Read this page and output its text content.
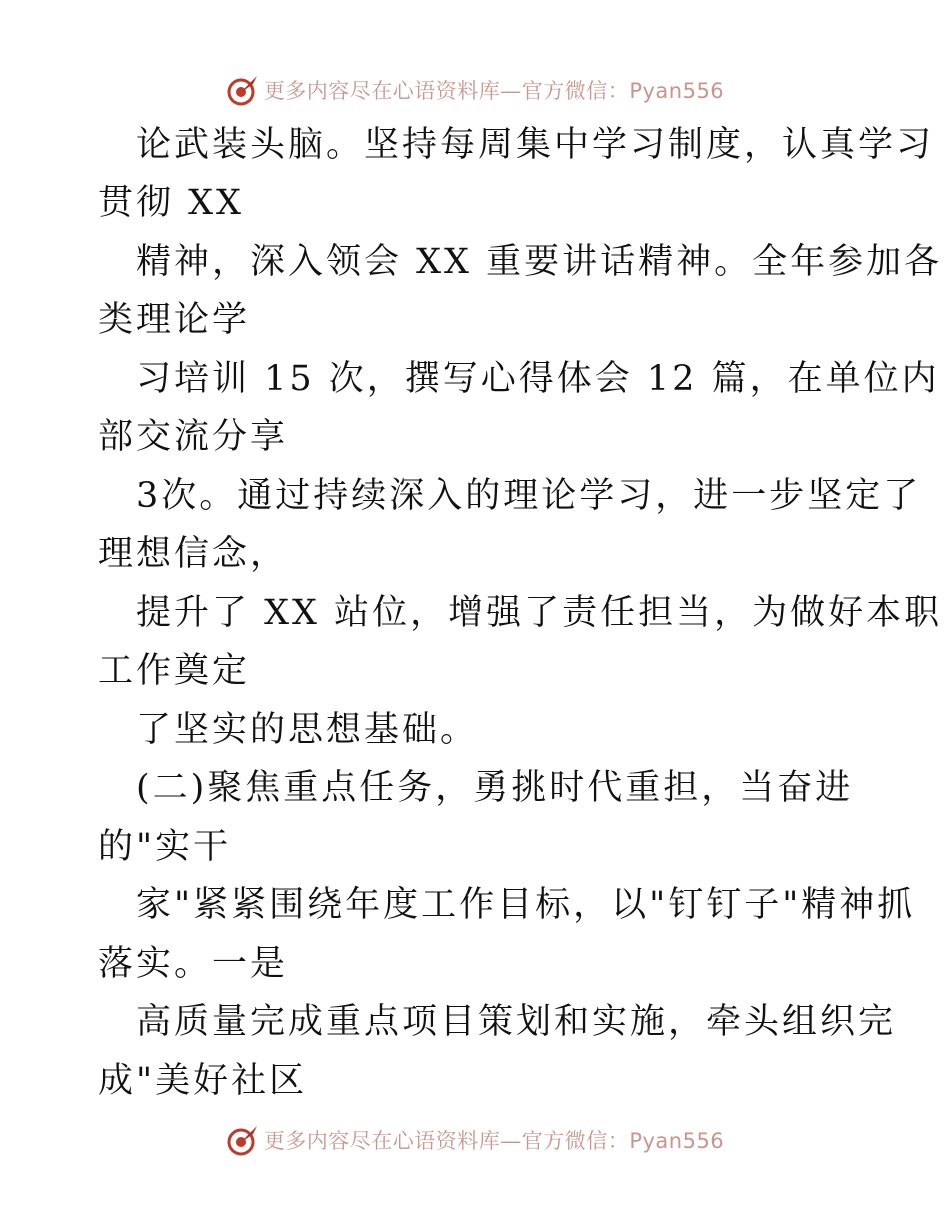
更多内容尽在心语资料库—官方微信：Pyan556
论武装头脑。坚持每周集中学习制度，认真学习
贯彻 XX
精神，深入领会 XX 重要讲话精神。全年参加各
类理论学
习培训 15 次，撰写心得体会 12 篇，在单位内
部交流分享
3次。通过持续深入的理论学习，进一步坚定了
理想信念，
提升了 XX 站位，增强了责任担当，为做好本职
工作奠定
了坚实的思想基础。
(二)聚焦重点任务，勇挑时代重担，当奋进
的"实干
家"紧紧围绕年度工作目标，以"钉钉子"精神抓
落实。一是
高质量完成重点项目策划和实施，牵头组织完
成"美好社区
更多内容尽在心语资料库—官方微信：Pyan556
